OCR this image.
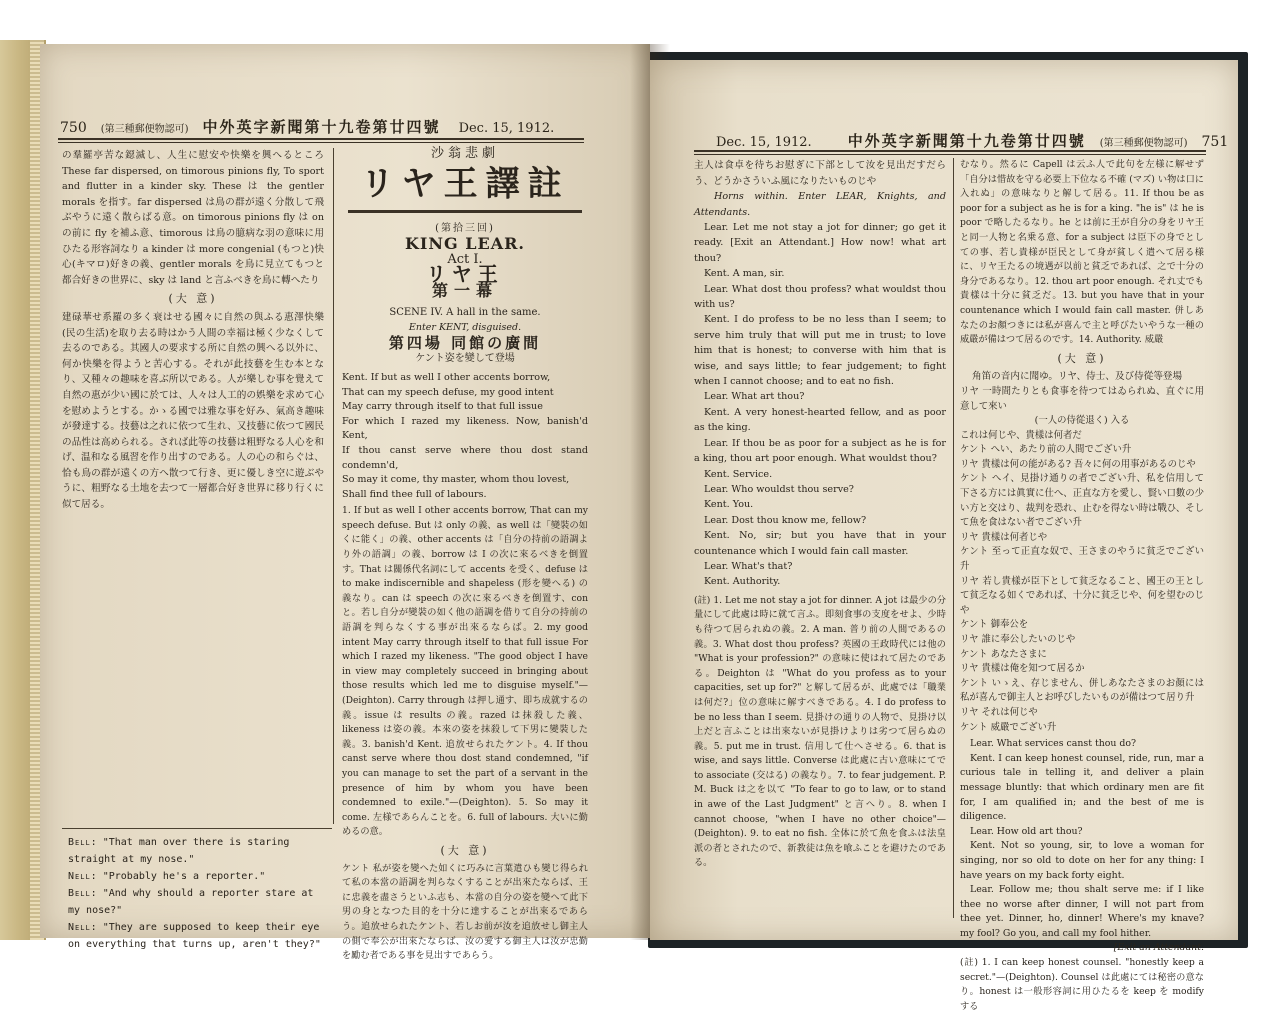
750 (第三種郵便物認可) 中外英字新聞第十九卷第廿四號 Dec. 15, 1912.

の羣羅亭苦な鐚滅し、人生に慰安や快樂を興へるところ These far dispersed, on timorous pinions fly, To sport and flutter in a kinder sky. These は the gentler morals を指す。far dispersed は鳥の群が遠く分散して飛ぶやうに遠く散らばる意。on timorous pinions fly は on の前に fly を補ふ意、timorous は鳥の臆病な羽の意味に用ひたる形容詞なり a kinder は more congenial (もつと)快心(キマロ)好きの義、gentler morals を鳥に見立てもつと都合好きの世界に、sky は land と言ふべきを鳥に轉へたり

(大 意)

建碌華せ系羅の多く衰はせる國々に自然の與ふる惠澤快樂(民の生活)を取り去る時はかう人間の幸福は極く少なくして去るのである。其國人の要求する所に自然の興へる以外に、何か快樂を得ようと苦心する。それが此技藝を生む本となり、又種々の趣味を喜ぶ所以である。人が樂しむ事を覺えて自然の惠が少い國に於ては、人々は人工的の娯樂を求めて心を慰めようとする。かゝる國では雅な事を好み、氣高き趣味が發達する。技藝は之れに依つて生れ、又技藝に依つて國民の品性は高められる。されば此等の技藝は粗野なる人心を和げ、温和なる風習を作り出すのである。人の心の和らぐは、恰も鳥の群が遠くの方へ散つて行き、更に優しき空に遊ぶやうに、粗野なる土地を去つて一層都合好き世界に移り行くに似て居る。

沙翁悲劇
リヤ王譯註
(第拾三回)
KING LEAR.
Act I.
リヤ王
第一幕
SCENE IV. A hall in the same.
Enter KENT, disguised.
第四場 同館の廣間
ケント姿を變して登場
Kent. If but as well I other accents borrow,
That can my speech defuse, my good intent
May carry through itself to that full issue
For which I razed my likeness. Now, banish'd Kent,
If thou canst serve where thou dost stand condemn'd,
So may it come, thy master, whom thou lovest,
Shall find thee full of labours.

1. If but as well I other accents borrow, That can my speech defuse. But は only の義、as well は「變裝の如くに能く」の義、other accents は「自分の持前の語調より外の語調」の義、borrow は I の次に來るべきを倒置す。That は關係代名詞にして accents を受く、defuse は to make indiscernible and shapeless (形を變へる) の義なり。can は speech の次に來るべきを倒置す、con と。若し自分が變裝の如く他の語調を借りて自分の持前の語調を判らなくする事が出來るならば。2. my good intent May carry through itself to that full issue For which I razed my likeness. "The good object I have in view may completely succeed in bringing about those results which led me to disguise myself."—(Deighton). Carry through は押し通す、即ち成就するの義。issue は results の義。razed は抹殺した義、likeness は姿の義。本來の姿を抹殺して下男に變裝した義。3. banish'd Kent. 追放せられたケント。4. If thou canst serve where thou dost stand condemned, "if you can manage to set the part of a servant in the presence of him by whom you have been condemned to exile."—(Deighton). 5. So may it come. 左様であらんことを。6. full of labours. 大いに勤めるの意。

(大 意)

ケント 私が姿を變へた如くに巧みに言葉遣ひも變じ得られて私の本當の語調を判らなくすることが出來たならば、王に忠義を盡さうといふ志も、本當の自分の姿を變へて此下男の身となつた目的を十分に達することが出來るであらう。追放せられたケント、若しお前が汝を追放せし御主人の側で奉公が出來たならば、汝の愛する御主人は汝が忠勤を勵む者である事を見出すであらう。

Bell: "That man over there is staring straight at my nose."
Nell: "Probably he's a reporter."
Bell: "And why should a reporter stare at my nose?"
Nell: "They are supposed to keep their eye on everything that turns up, aren't they?"
Dec. 15, 1912. 中外英字新聞第十九卷第廿四號 (第三種郵便物認可) 751

主人は食卓を待ちお慰ぎに下部として汝を見出だすだらう、どうかさういふ風になりたいものじや

Horns within. Enter LEAR, Knights, and Attendants.

Lear. Let me not stay a jot for dinner; go get it ready. [Exit an Attendant.] How now! what art thou?

Kent. A man, sir.

Lear. What dost thou profess? what wouldst thou with us?

Kent. I do profess to be no less than I seem; to serve him truly that will put me in trust; to love him that is honest; to converse with him that is wise, and says little; to fear judgement; to fight when I cannot choose; and to eat no fish.

Lear. What art thou?

Kent. A very honest-hearted fellow, and as poor as the king.

Lear. If thou be as poor for a subject as he is for a king, thou art poor enough. What wouldst thou?

Kent. Service.

Lear. Who wouldst thou serve?

Kent. You.

Lear. Dost thou know me, fellow?

Kent. No, sir; but you have that in your countenance which I would fain call master.

Lear. What's that?

Kent. Authority.

(註) 1. Let me not stay a jot for dinner. A jot は最少の分量にして此處は時に就て言ふ。即刻食事の支度をせよ、少時も待つて居られぬの義。2. A man. 普り前の人間であるの義。3. What dost thou profess? 英國の王政時代には他の "What is your profession?" の意味に使はれて居たのである。Deighton は "What do you profess as to your capacities, set up for?" と解して居るが、此處では「職業は何だ?」位の意味に解すべきである。4. I do profess to be no less than I seem. 見掛けの通りの人物で、見掛け以上だと言ふことは出來ないが見掛けよりは劣つて居らぬの義。5. put me in trust. 信用して仕へさせる。6. that is wise, and says little. Converse は此處に古い意味にてで to associate (交はる) の義なり。7. to fear judgement. P. M. Buck は之を以て "To fear to go to law, or to stand in awe of the Last Judgment" と言へり。8. when I cannot choose, "when I have no other choice"—(Deighton). 9. to eat no fish. 全体に於て魚を食ふは法皇派の者とされたので、新教徒は魚を喰ふことを避けたのである。

むなり。然るに Capell は云ふ人で此句を左様に解せず「自分は惜故を守る必要上下位なる不確 (マズ) い物は口に入れぬ」の意味なりと解して居る。11. If thou be as poor for a subject as he is for a king. "he is" は he is poor で略したるなり。he とは前に王が自分の身をリヤ王と同一人物と名乗る意、for a subject は臣下の身でとしての事、若し貴様が臣民として身が貧しく遣へて居る様に、リヤ王たるの境遇が以前と貧乏であれば、之で十分の身分であるなり。12. thou art poor enough. それ丈でも貴樣は十分に貧乏だ。13. but you have that in your countenance which I would fain call master. 併しあなたのお顏つきには私が喜んで主と呼びたいやうな一種の威嚴が備はつて居るのです。14. Authority. 威嚴

(大 意)

角笛の音内に聞ゆ。リヤ、侍士、及び侍從等登場

リヤ 一時間たりとも食事を待つてはゐられぬ、直ぐに用意して來い

(一人の侍從退く) 入る

これは何じや、貴樣は何者だ

ケント へい、あたり前の人間でござい升

リヤ 貴樣は何の能がある? 吾々に何の用事があるのじや

ケント へイ、見掛け通りの者でござい升、私を信用して下さる方には眞實に仕へ、正直な方を愛し、賢い口數の少い方と交はり、裁判を恐れ、止むを得ない時は戰ひ、そして魚を食はない者でござい升

リヤ 貴樣は何者じや

ケント 至って正直な奴で、王さまのやうに貧乏でござい升

リヤ 若し貴樣が臣下として貧乏なること、國王の王として貧乏なる如くであれば、十分に貧乏じや、何を望むのじや

ケント 御奉公を

リヤ 誰に奉公したいのじや

ケント あなたさまに

リヤ 貴樣は俺を知つて居るか

ケント いゝえ、存じません、併しあなたさまのお顏には私が喜んで御主人とお呼びしたいものが備はつて居り升

リヤ それは何じや

ケント 威嚴でござい升

Lear. What services canst thou do?

Kent. I can keep honest counsel, ride, run, mar a curious tale in telling it, and deliver a plain message bluntly: that which ordinary men are fit for, I am qualified in; and the best of me is diligence.

Lear. How old art thou?

Kent. Not so young, sir, to love a woman for singing, nor so old to dote on her for any thing: I have years on my back forty eight.

Lear. Follow me; thou shalt serve me: if I like thee no worse after dinner, I will not part from thee yet. Dinner, ho, dinner! Where's my knave? my fool? Go you, and call my fool hither.

[Exit an Attendant.

(註) 1. I can keep honest counsel. "honestly keep a secret."—(Deighton). Counsel は此處にては秘密の意なり。honest は一般形容詞に用ひたるを keep を modify する
